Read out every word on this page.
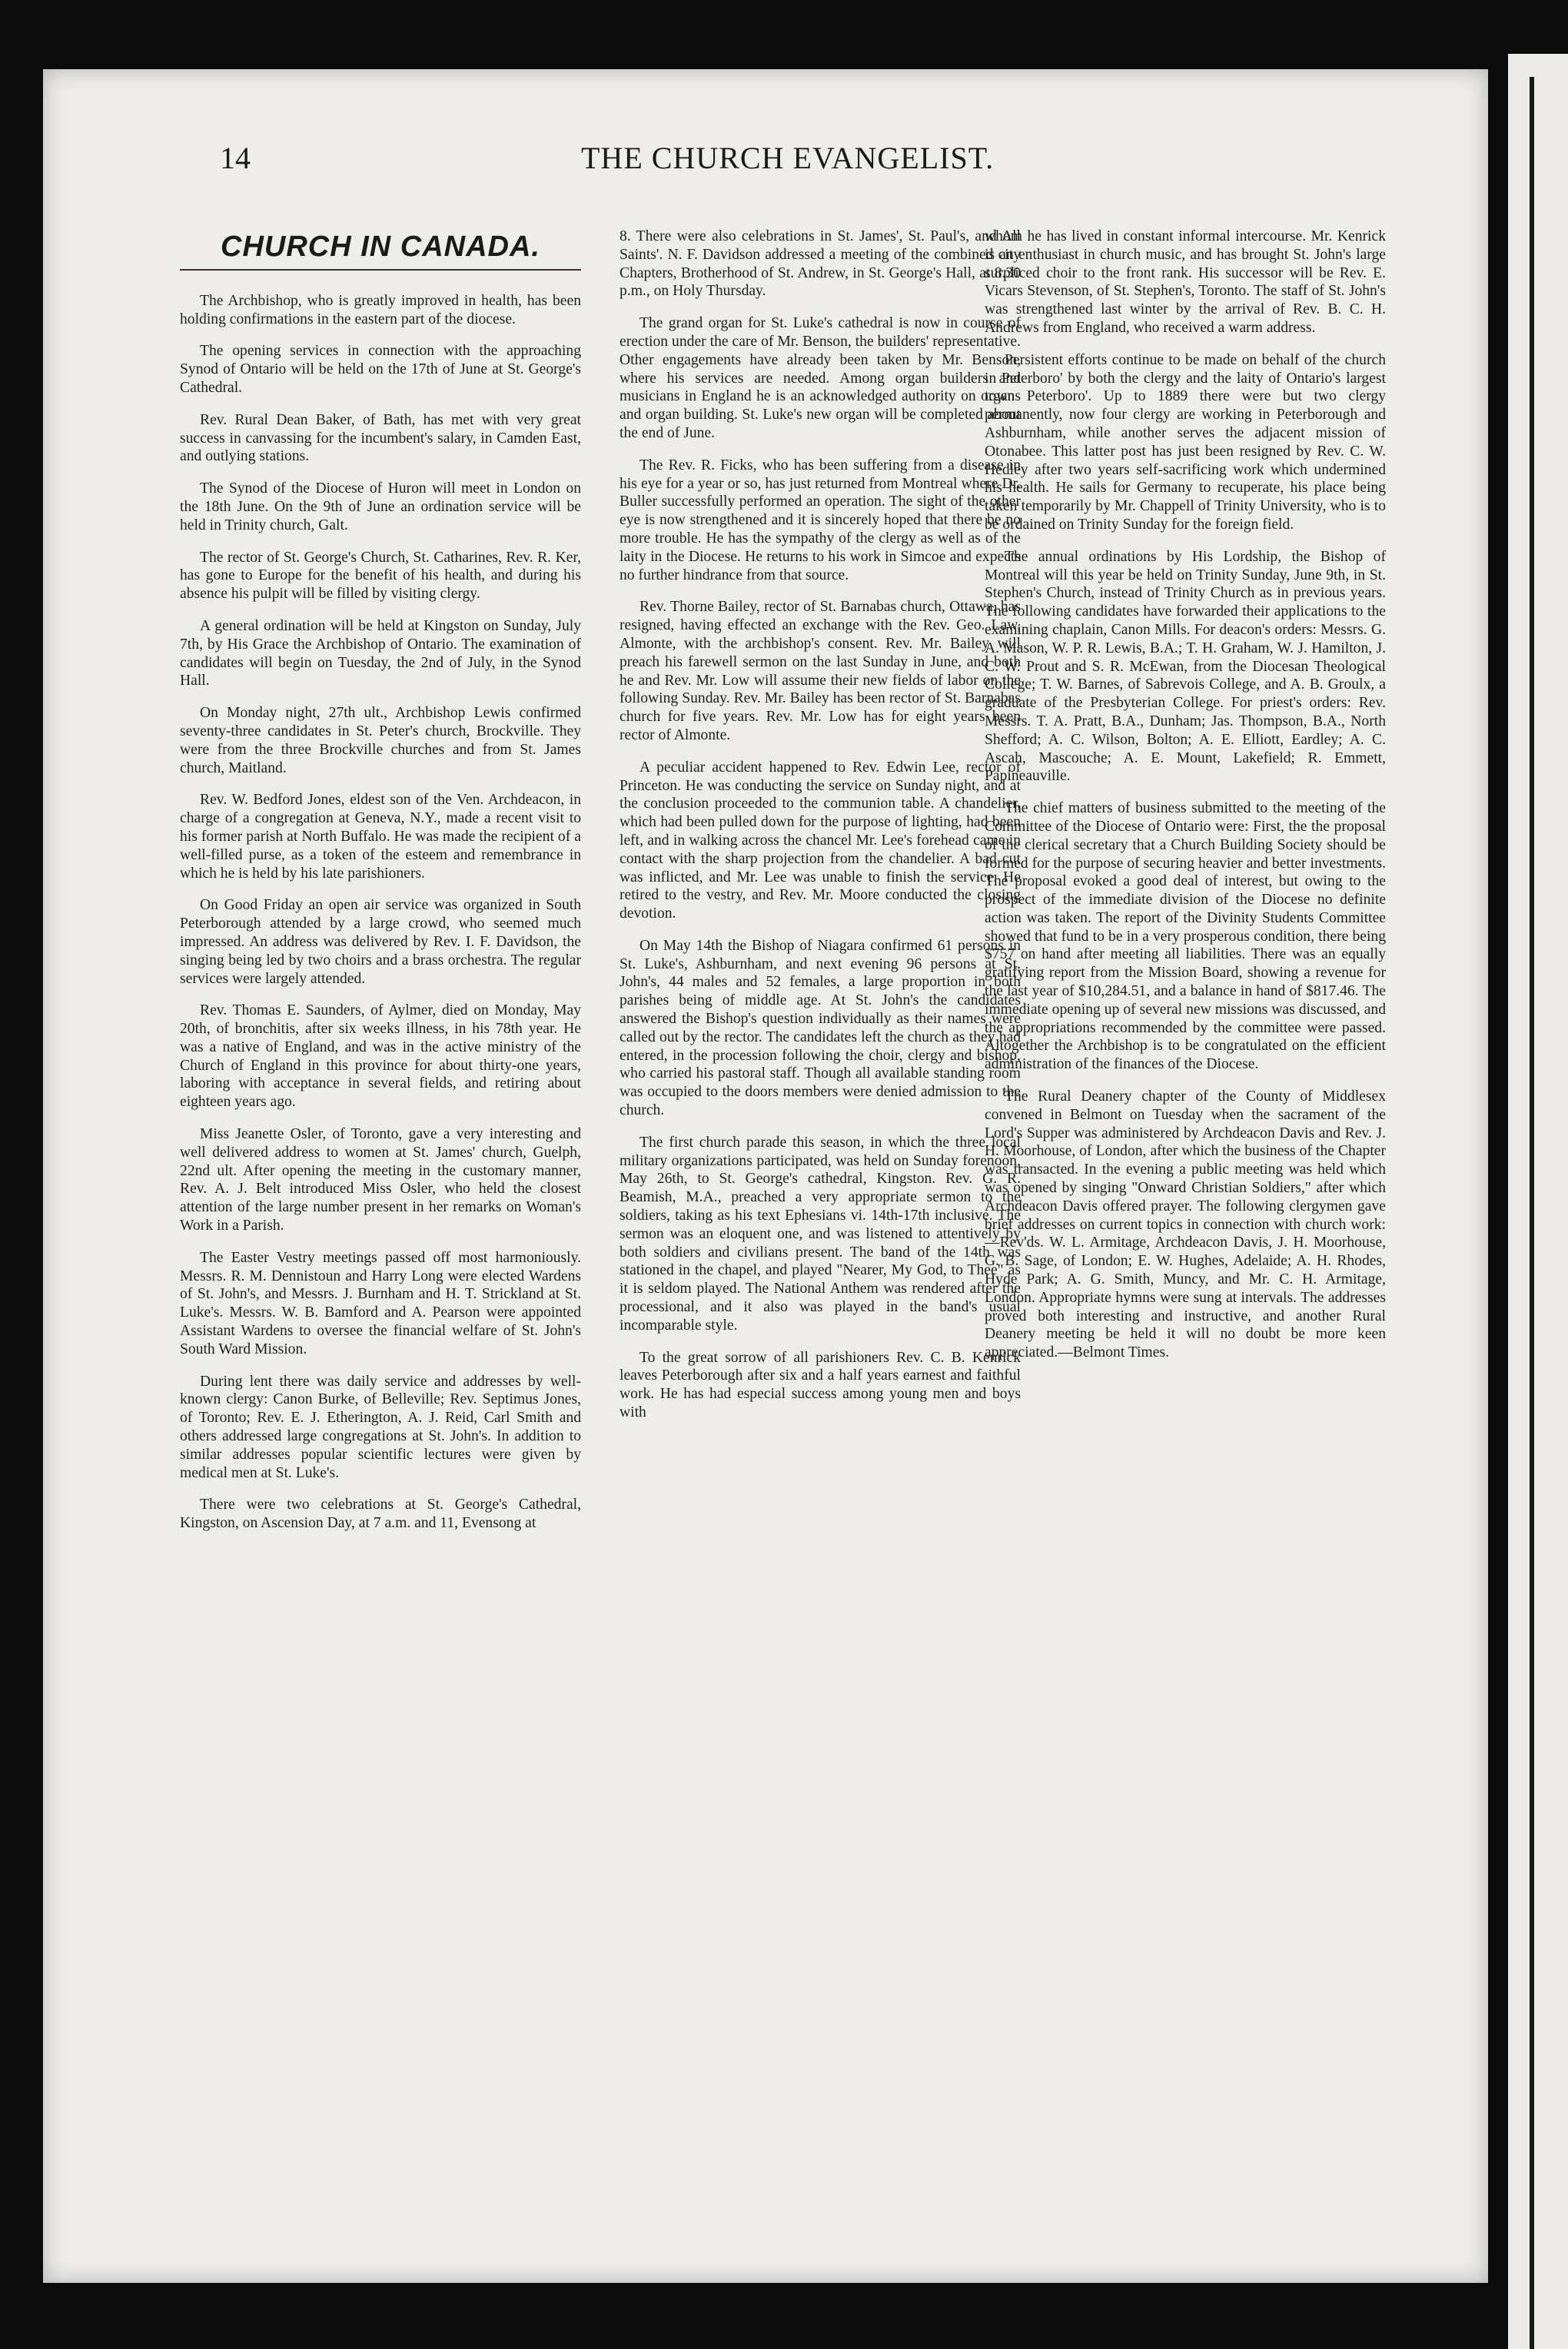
14	THE CHURCH EVANGELIST.
CHURCH IN CANADA.

The Archbishop, who is greatly improved in health, has been holding confirmations in the eastern part of the diocese.

The opening services in connection with the approaching Synod of Ontario will be held on the 17th of June at St. George's Cathedral.

Rev. Rural Dean Baker, of Bath, has met with very great success in canvassing for the incumbent's salary, in Camden East, and outlying stations.

The Synod of the Diocese of Huron will meet in London on the 18th June. On the 9th of June an ordination service will be held in Trinity church, Galt.

The rector of St. George's Church, St. Catharines, Rev. R. Ker, has gone to Europe for the benefit of his health, and during his absence his pulpit will be filled by visiting clergy.

A general ordination will be held at Kingston on Sunday, July 7th, by His Grace the Archbishop of Ontario. The examination of candidates will begin on Tuesday, the 2nd of July, in the Synod Hall.

On Monday night, 27th ult., Archbishop Lewis confirmed seventy-three candidates in St. Peter's church, Brockville. They were from the three Brockville churches and from St. James church, Maitland.

Rev. W. Bedford Jones, eldest son of the Ven. Archdeacon, in charge of a congregation at Geneva, N.Y., made a recent visit to his former parish at North Buffalo. He was made the recipient of a well-filled purse, as a token of the esteem and remembrance in which he is held by his late parishioners.

On Good Friday an open air service was organized in South Peterborough attended by a large crowd, who seemed much impressed. An address was delivered by Rev. I. F. Davidson, the singing being led by two choirs and a brass orchestra. The regular services were largely attended.

Rev. Thomas E. Saunders, of Aylmer, died on Monday, May 20th, of bronchitis, after six weeks illness, in his 78th year. He was a native of England, and was in the active ministry of the Church of England in this province for about thirty-one years, laboring with acceptance in several fields, and retiring about eighteen years ago.

Miss Jeanette Osler, of Toronto, gave a very interesting and well delivered address to women at St. James' church, Guelph, 22nd ult. After opening the meeting in the customary manner, Rev. A. J. Belt introduced Miss Osler, who held the closest attention of the large number present in her remarks on Woman's Work in a Parish.

The Easter Vestry meetings passed off most harmoniously. Messrs. R. M. Dennistoun and Harry Long were elected Wardens of St. John's, and Messrs. J. Burnham and H. T. Strickland at St. Luke's. Messrs. W. B. Bamford and A. Pearson were appointed Assistant Wardens to oversee the financial welfare of St. John's South Ward Mission.

During lent there was daily service and addresses by well-known clergy: Canon Burke, of Belleville; Rev. Septimus Jones, of Toronto; Rev. E. J. Etherington, A. J. Reid, Carl Smith and others addressed large congregations at St. John's. In addition to similar addresses popular scientific lectures were given by medical men at St. Luke's.

There were two celebrations at St. George's Cathedral, Kingston, on Ascension Day, at 7 a.m. and 11, Evensong at

8. There were also celebrations in St. James', St. Paul's, and All Saints'. N. F. Davidson addressed a meeting of the combined city Chapters, Brotherhood of St. Andrew, in St. George's Hall, at 8.30 p.m., on Holy Thursday.

The grand organ for St. Luke's cathedral is now in course of erection under the care of Mr. Benson, the builders' representative. Other engagements have already been taken by Mr. Benson, where his services are needed. Among organ builders and musicians in England he is an acknowledged authority on organs and organ building. St. Luke's new organ will be completed about the end of June.

The Rev. R. Ficks, who has been suffering from a disease in his eye for a year or so, has just returned from Montreal where Dr. Buller successfully performed an operation. The sight of the other eye is now strengthened and it is sincerely hoped that there be no more trouble. He has the sympathy of the clergy as well as of the laity in the Diocese. He returns to his work in Simcoe and expects no further hindrance from that source.

Rev. Thorne Bailey, rector of St. Barnabas church, Ottawa, has resigned, having effected an exchange with the Rev. Geo. Law, Almonte, with the archbishop's consent. Rev. Mr. Bailey will preach his farewell sermon on the last Sunday in June, and both he and Rev. Mr. Low will assume their new fields of labor on the following Sunday. Rev. Mr. Bailey has been rector of St. Barnabas church for five years. Rev. Mr. Low has for eight years been rector of Almonte.

A peculiar accident happened to Rev. Edwin Lee, rector of Princeton. He was conducting the service on Sunday night, and at the conclusion proceeded to the communion table. A chandelier, which had been pulled down for the purpose of lighting, had been left, and in walking across the chancel Mr. Lee's forehead came in contact with the sharp projection from the chandelier. A bad cut was inflicted, and Mr. Lee was unable to finish the service. He retired to the vestry, and Rev. Mr. Moore conducted the closing devotion.

On May 14th the Bishop of Niagara confirmed 61 persons in St. Luke's, Ashburnham, and next evening 96 persons at St. John's, 44 males and 52 females, a large proportion in both parishes being of middle age. At St. John's the candidates answered the Bishop's question individually as their names were called out by the rector. The candidates left the church as they had entered, in the procession following the choir, clergy and bishop, who carried his pastoral staff. Though all available standing room was occupied to the doors members were denied admission to the church.

The first church parade this season, in which the three local military organizations participated, was held on Sunday forenoon, May 26th, to St. George's cathedral, Kingston. Rev. G. R. Beamish, M.A., preached a very appropriate sermon to the soldiers, taking as his text Ephesians vi. 14th-17th inclusive. The sermon was an eloquent one, and was listened to attentively by both soldiers and civilians present. The band of the 14th was stationed in the chapel, and played "Nearer, My God, to Thee" as it is seldom played. The National Anthem was rendered after the processional, and it also was played in the band's usual incomparable style.

To the great sorrow of all parishioners Rev. C. B. Kenrick leaves Peterborough after six and a half years earnest and faithful work. He has had especial success among young men and boys with

whom he has lived in constant informal intercourse. Mr. Kenrick is an enthusiast in church music, and has brought St. John's large surpliced choir to the front rank. His successor will be Rev. E. Vicars Stevenson, of St. Stephen's, Toronto. The staff of St. John's was strengthened last winter by the arrival of Rev. B. C. H. Andrews from England, who received a warm address.

Persistent efforts continue to be made on behalf of the church in Peterboro' by both the clergy and the laity of Ontario's largest town Peterboro'. Up to 1889 there were but two clergy permanently, now four clergy are working in Peterborough and Ashburnham, while another serves the adjacent mission of Otonabee. This latter post has just been resigned by Rev. C. W. Hedley after two years self-sacrificing work which undermined his health. He sails for Germany to recuperate, his place being taken temporarily by Mr. Chappell of Trinity University, who is to be ordained on Trinity Sunday for the foreign field.

The annual ordinations by His Lordship, the Bishop of Montreal will this year be held on Trinity Sunday, June 9th, in St. Stephen's Church, instead of Trinity Church as in previous years. The following candidates have forwarded their applications to the examining chaplain, Canon Mills. For deacon's orders: Messrs. G. A. Mason, W. P. R. Lewis, B.A.; T. H. Graham, W. J. Hamilton, J. C. W. Prout and S. R. McEwan, from the Diocesan Theological College; T. W. Barnes, of Sabrevois College, and A. B. Groulx, a graduate of the Presbyterian College. For priest's orders: Rev. Messrs. T. A. Pratt, B.A., Dunham; Jas. Thompson, B.A., North Shefford; A. C. Wilson, Bolton; A. E. Elliott, Eardley; A. C. Ascah, Mascouche; A. E. Mount, Lakefield; R. Emmett, Papineauville.

The chief matters of business submitted to the meeting of the Committee of the Diocese of Ontario were: First, the the proposal of the clerical secretary that a Church Building Society should be formed for the purpose of securing heavier and better investments. The proposal evoked a good deal of interest, but owing to the prospect of the immediate division of the Diocese no definite action was taken. The report of the Divinity Students Committee showed that fund to be in a very prosperous condition, there being $757 on hand after meeting all liabilities. There was an equally gratifying report from the Mission Board, showing a revenue for the last year of $10,284.51, and a balance in hand of $817.46. The immediate opening up of several new missions was discussed, and the appropriations recommended by the committee were passed. Altogether the Archbishop is to be congratulated on the efficient administration of the finances of the Diocese.

The Rural Deanery chapter of the County of Middlesex convened in Belmont on Tuesday when the sacrament of the Lord's Supper was administered by Archdeacon Davis and Rev. J. H. Moorhouse, of London, after which the business of the Chapter was transacted. In the evening a public meeting was held which was opened by singing "Onward Christian Soldiers," after which Archdeacon Davis offered prayer. The following clergymen gave brief addresses on current topics in connection with church work:—Rev'ds. W. L. Armitage, Archdeacon Davis, J. H. Moorhouse, G. B. Sage, of London; E. W. Hughes, Adelaide; A. H. Rhodes, Hyde Park; A. G. Smith, Muncy, and Mr. C. H. Armitage, London. Appropriate hymns were sung at intervals. The addresses proved both interesting and instructive, and another Rural Deanery meeting be held it will no doubt be more keen appreciated.—Belmont Times.
